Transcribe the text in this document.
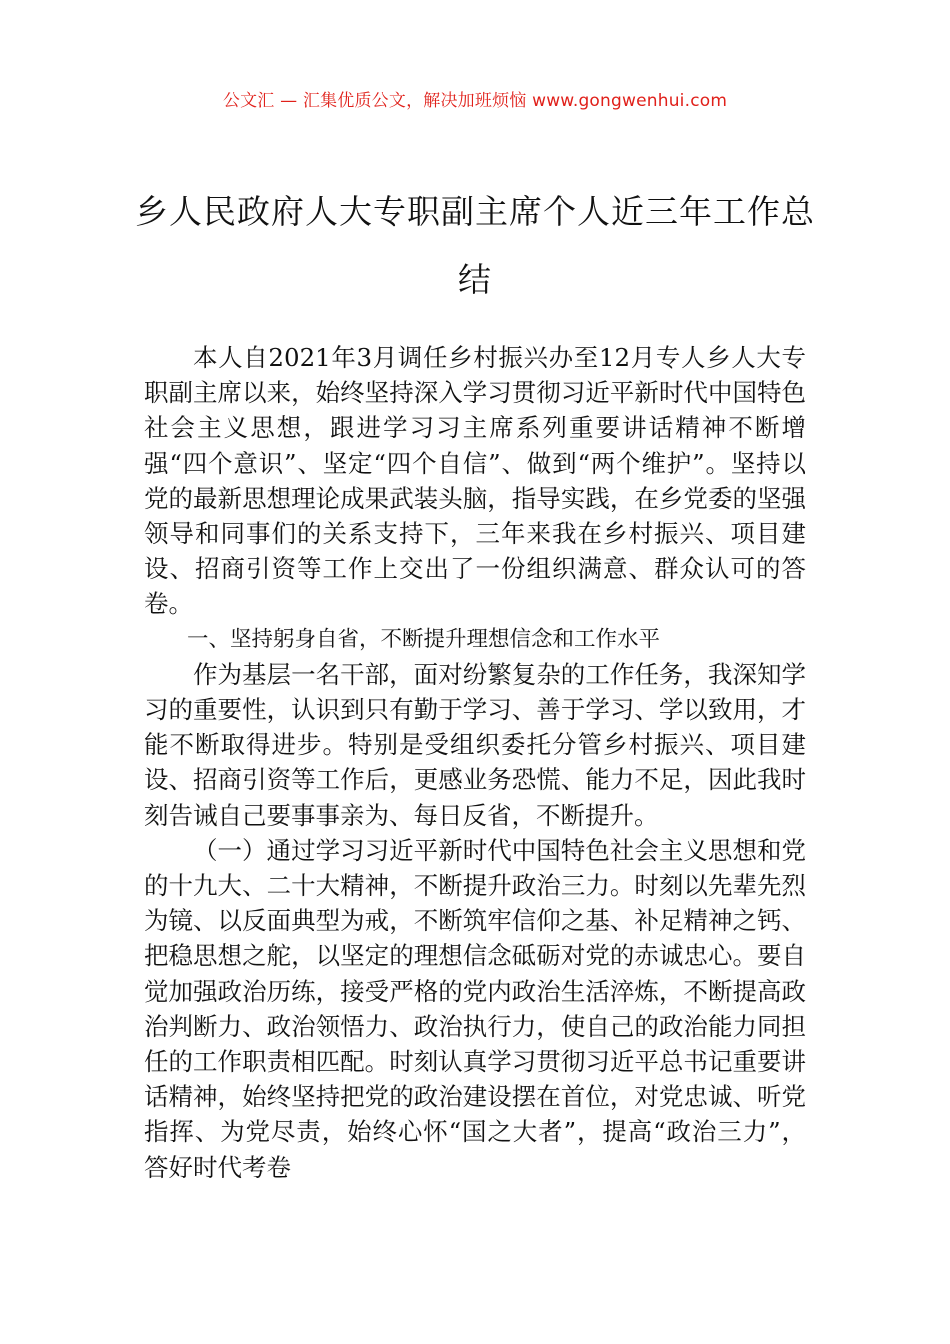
公文汇 — 汇集优质公文，解决加班烦恼 www.gongwenhui.com
乡人民政府人大专职副主席个人近三年工作总结

本人自2021年3月调任乡村振兴办至12月专人乡人大专职副主席以来，始终坚持深入学习贯彻习近平新时代中国特色社会主义思想，跟进学习习主席系列重要讲话精神不断增强“四个意识”、坚定“四个自信”、做到“两个维护”。坚持以党的最新思想理论成果武装头脑，指导实践，在乡党委的坚强领导和同事们的关系支持下，三年来我在乡村振兴、项目建设、招商引资等工作上交出了一份组织满意、群众认可的答卷。

一、坚持躬身自省，不断提升理想信念和工作水平

作为基层一名干部，面对纷繁复杂的工作任务，我深知学习的重要性，认识到只有勤于学习、善于学习、学以致用，才能不断取得进步。特别是受组织委托分管乡村振兴、项目建设、招商引资等工作后，更感业务恐慌、能力不足，因此我时刻告诫自己要事事亲为、每日反省，不断提升。

（一）通过学习习近平新时代中国特色社会主义思想和党的十九大、二十大精神，不断提升政治三力。时刻以先辈先烈为镜、以反面典型为戒，不断筑牢信仰之基、补足精神之钙、把稳思想之舵，以坚定的理想信念砥砺对党的赤诚忠心。要自觉加强政治历练，接受严格的党内政治生活淬炼，不断提高政治判断力、政治领悟力、政治执行力，使自己的政治能力同担任的工作职责相匹配。时刻认真学习贯彻习近平总书记重要讲话精神，始终坚持把党的政治建设摆在首位，对党忠诚、听党指挥、为党尽责，始终心怀“国之大者”，提高“政治三力”，答好时代考卷
